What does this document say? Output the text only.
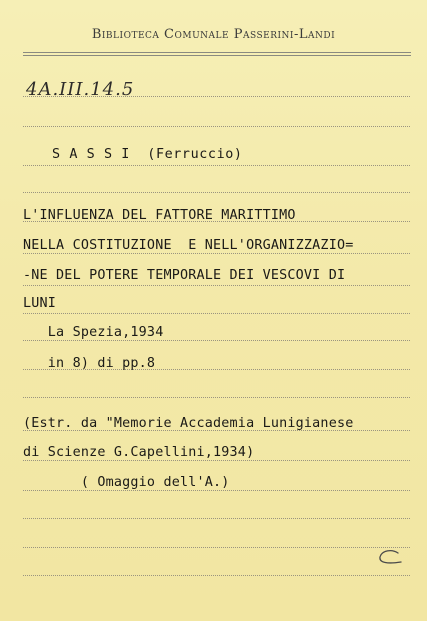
Biblioteca Comunale Passerini-Landi
4A.III.14.5
S A S S I  (Ferruccio)
L'INFLUENZA DEL FATTORE MARITTIMO
NELLA COSTITUZIONE  E NELL'ORGANIZZAZIO=
-NE DEL POTERE TEMPORALE DEI VESCOVI DI
LUNI
La Spezia,1934
in 8) di pp.8
(Estr. da "Memorie Accademia Lunigianese
di Scienze G.Capellini,1934)
( Omaggio dell'A.)
